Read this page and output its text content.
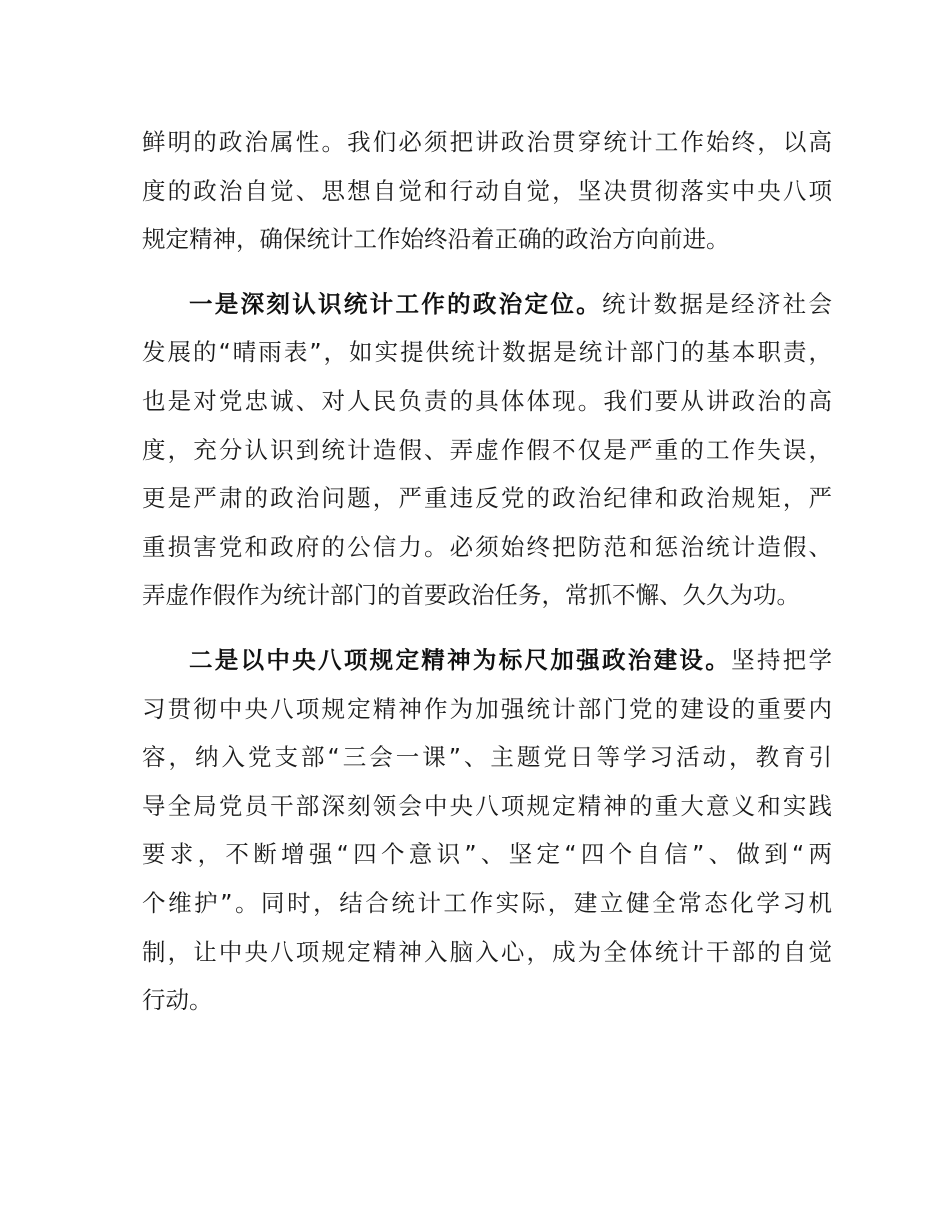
鲜明的政治属性。我们必须把讲政治贯穿统计工作始终，以高
度的政治自觉、思想自觉和行动自觉，坚决贯彻落实中央八项
规定精神，确保统计工作始终沿着正确的政治方向前进。

一是深刻认识统计工作的政治定位。统计数据是经济社会
发展的“晴雨表”，如实提供统计数据是统计部门的基本职责，
也是对党忠诚、对人民负责的具体体现。我们要从讲政治的高
度，充分认识到统计造假、弄虚作假不仅是严重的工作失误，
更是严肃的政治问题，严重违反党的政治纪律和政治规矩，严
重损害党和政府的公信力。必须始终把防范和惩治统计造假、
弄虚作假作为统计部门的首要政治任务，常抓不懈、久久为功。

二是以中央八项规定精神为标尺加强政治建设。坚持把学
习贯彻中央八项规定精神作为加强统计部门党的建设的重要内
容，纳入党支部“三会一课”、主题党日等学习活动，教育引
导全局党员干部深刻领会中央八项规定精神的重大意义和实践
要求，不断增强“四个意识”、坚定“四个自信”、做到“两
个维护”。同时，结合统计工作实际，建立健全常态化学习机
制，让中央八项规定精神入脑入心，成为全体统计干部的自觉
行动。
